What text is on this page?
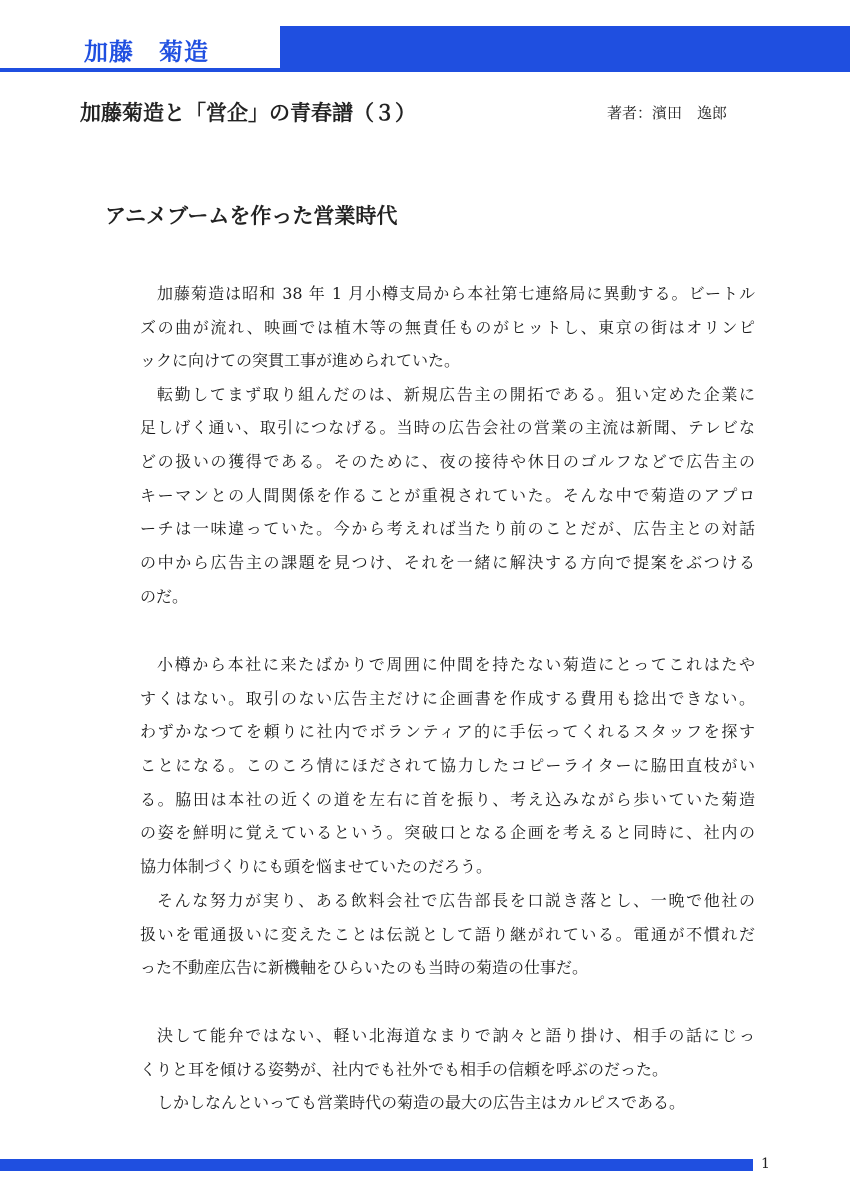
加藤　菊造
加藤菊造と「営企」の青春譜（３）	著者：濱田　逸郎
アニメブームを作った営業時代
加藤菊造は昭和 38 年 1 月小樽支局から本社第七連絡局に異動する。ビートル
ズの曲が流れ、映画では植木等の無責任ものがヒットし、東京の街はオリンピ
ックに向けての突貫工事が進められていた。
転勤してまず取り組んだのは、新規広告主の開拓である。狙い定めた企業に
足しげく通い、取引につなげる。当時の広告会社の営業の主流は新聞、テレビな
どの扱いの獲得である。そのために、夜の接待や休日のゴルフなどで広告主の
キーマンとの人間関係を作ることが重視されていた。そんな中で菊造のアプロ
ーチは一味違っていた。今から考えれば当たり前のことだが、広告主との対話
の中から広告主の課題を見つけ、それを一緒に解決する方向で提案をぶつける
のだ。
小樽から本社に来たばかりで周囲に仲間を持たない菊造にとってこれはたや
すくはない。取引のない広告主だけに企画書を作成する費用も捻出できない。
わずかなつてを頼りに社内でボランティア的に手伝ってくれるスタッフを探す
ことになる。このころ情にほだされて協力したコピーライターに脇田直枝がい
る。脇田は本社の近くの道を左右に首を振り、考え込みながら歩いていた菊造
の姿を鮮明に覚えているという。突破口となる企画を考えると同時に、社内の
協力体制づくりにも頭を悩ませていたのだろう。
そんな努力が実り、ある飲料会社で広告部長を口説き落とし、一晩で他社の
扱いを電通扱いに変えたことは伝説として語り継がれている。電通が不慣れだ
った不動産広告に新機軸をひらいたのも当時の菊造の仕事だ。
決して能弁ではない、軽い北海道なまりで訥々と語り掛け、相手の話にじっ
くりと耳を傾ける姿勢が、社内でも社外でも相手の信頼を呼ぶのだった。
しかしなんといっても営業時代の菊造の最大の広告主はカルピスである。
1
